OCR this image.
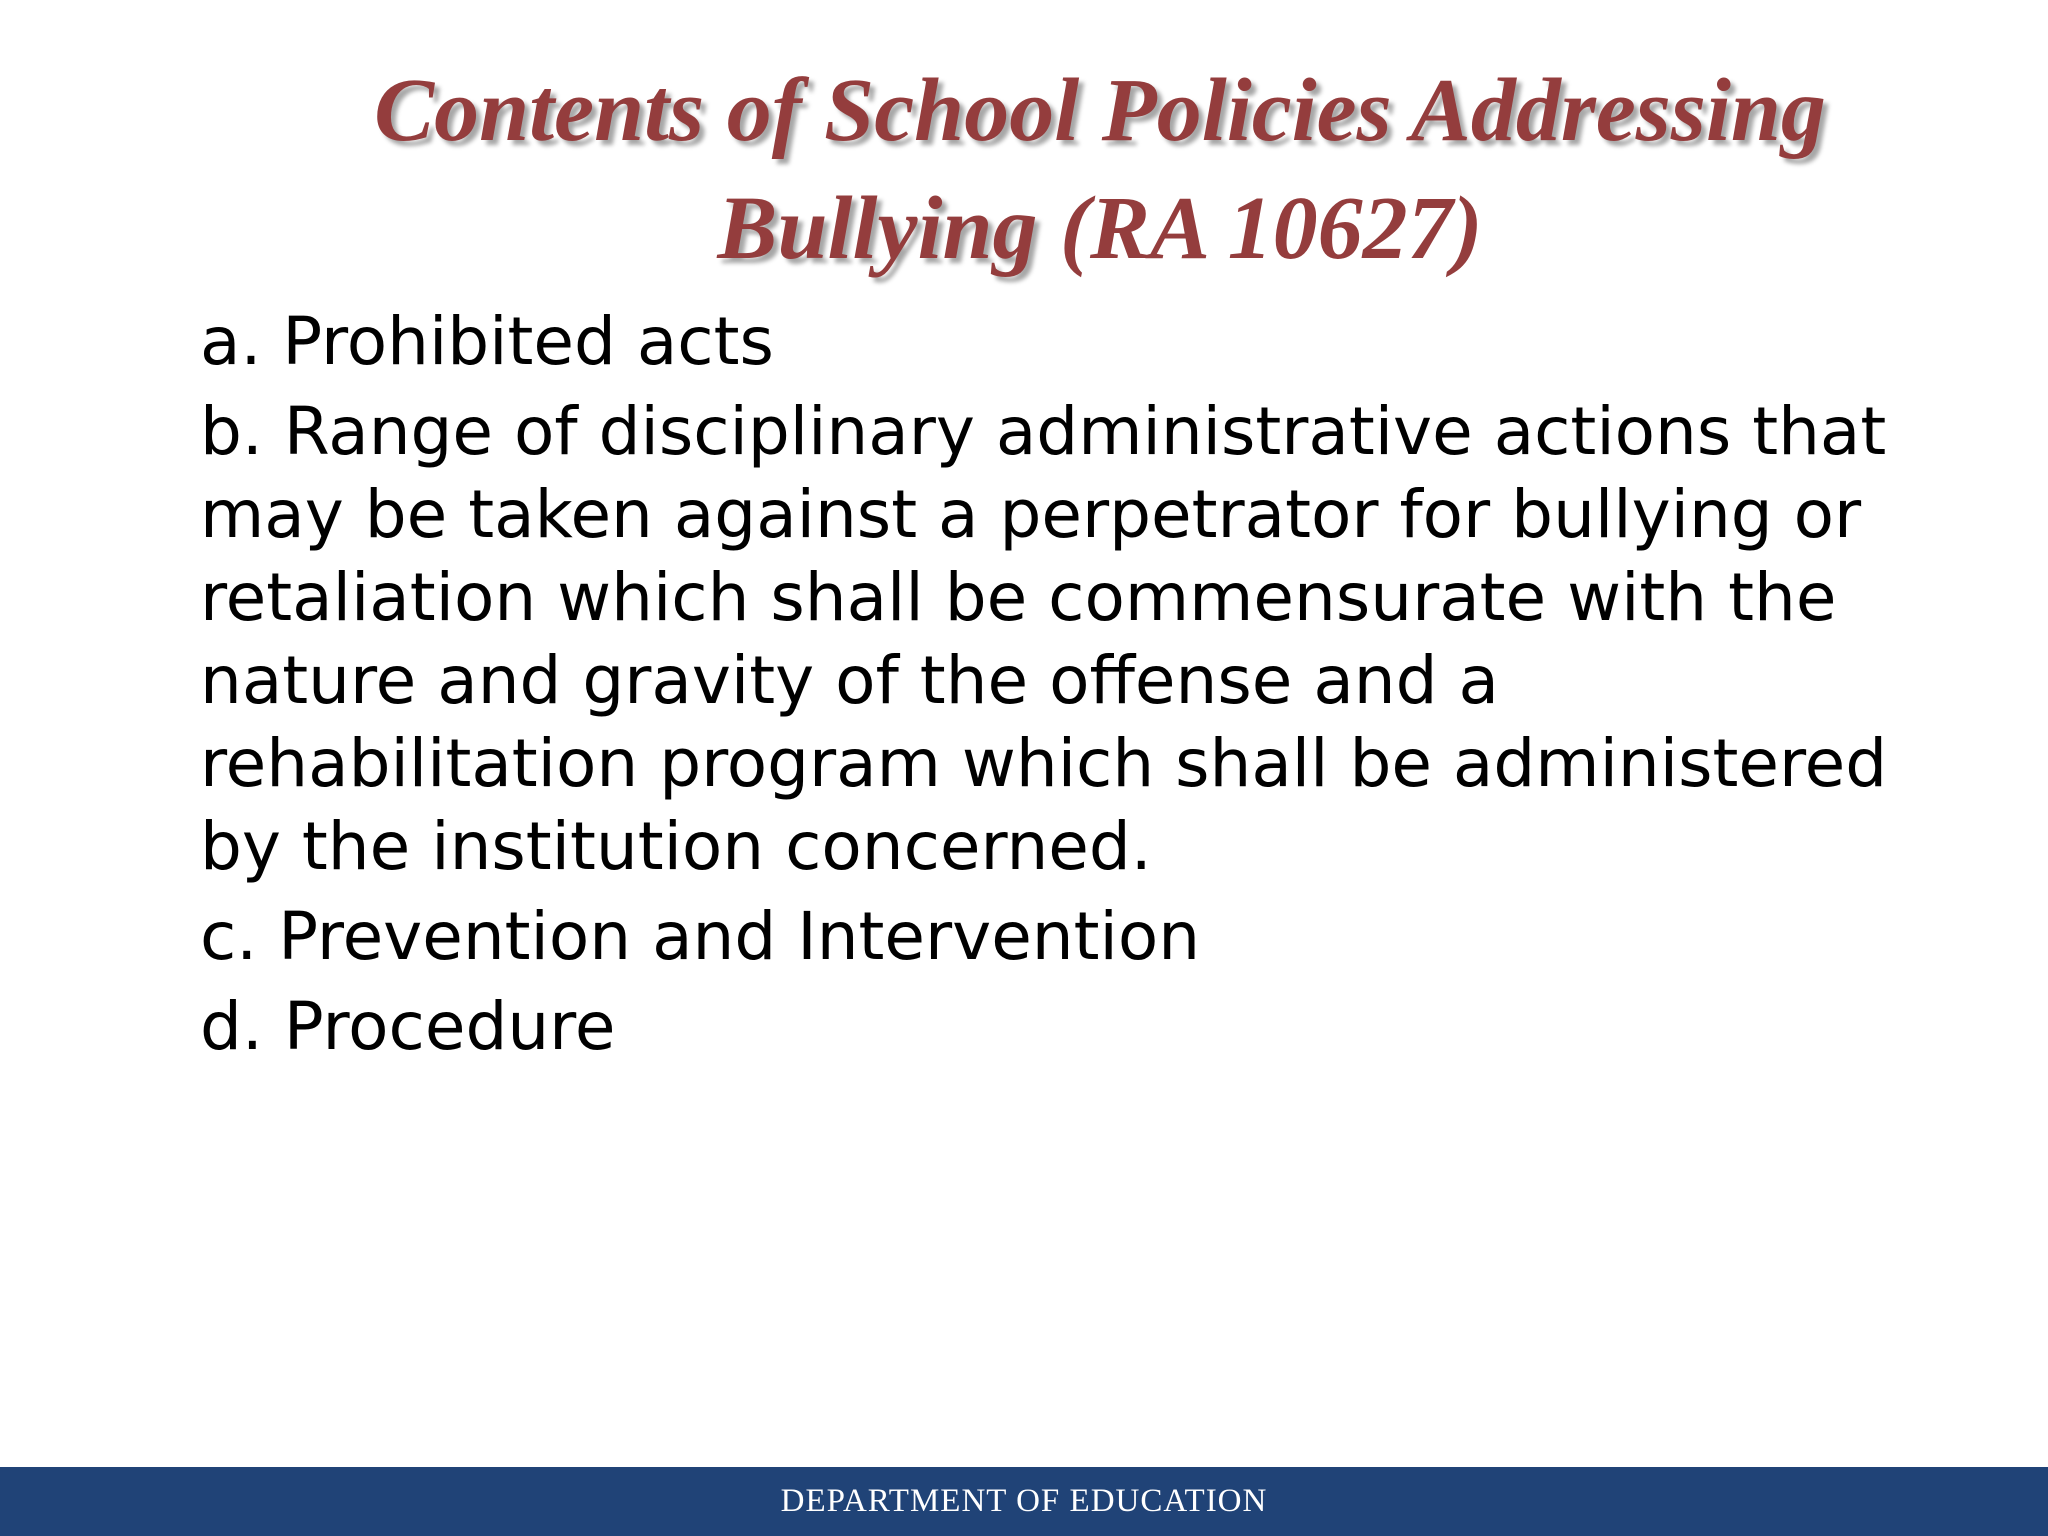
Contents of School Policies Addressing
Bullying (RA 10627)
a. Prohibited acts
b. Range of disciplinary administrative actions that may be taken against a perpetrator for bullying or retaliation which shall be commensurate with the nature and gravity of the offense and a rehabilitation program which shall be administered by the institution concerned.
c. Prevention and Intervention
d. Procedure
DEPARTMENT OF EDUCATION
